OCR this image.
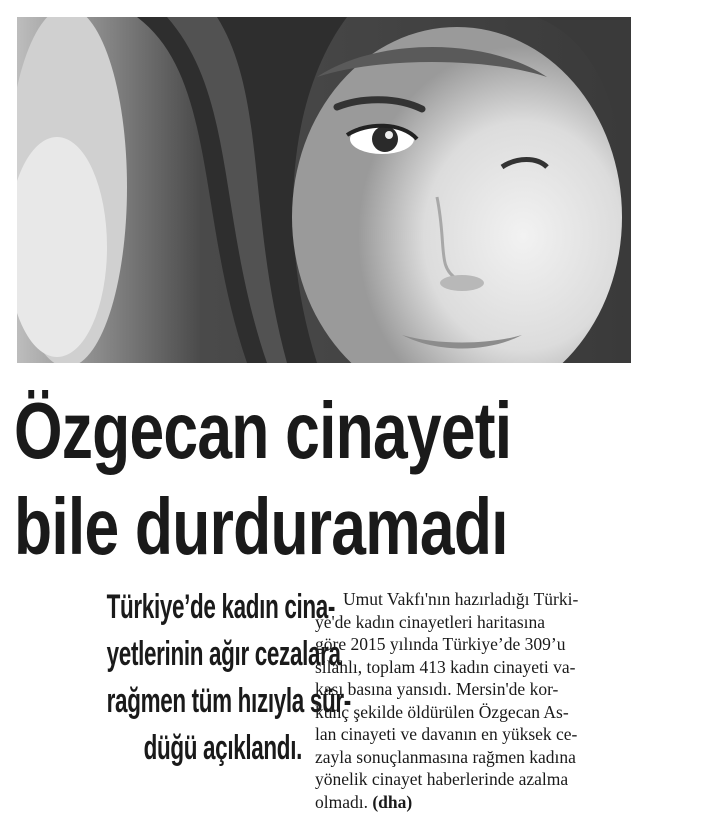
Özgecan cinayeti
bile durduramadı
Türkiye’de kadın cina-
yetlerinin ağır cezalara
rağmen tüm hızıyla sür-
düğü açıklandı.
Umut Vakfı'nın hazırladığı Türki-
ye'de kadın cinayetleri haritasına
göre 2015 yılında Türkiye’de 309’u
silahlı, toplam 413 kadın cinayeti va-
kası basına yansıdı. Mersin'de kor-
kunç şekilde öldürülen Özgecan As-
lan cinayeti ve davanın en yüksek ce-
zayla sonuçlanmasına rağmen kadına
yönelik cinayet haberlerinde azalma
olmadı. (dha)
